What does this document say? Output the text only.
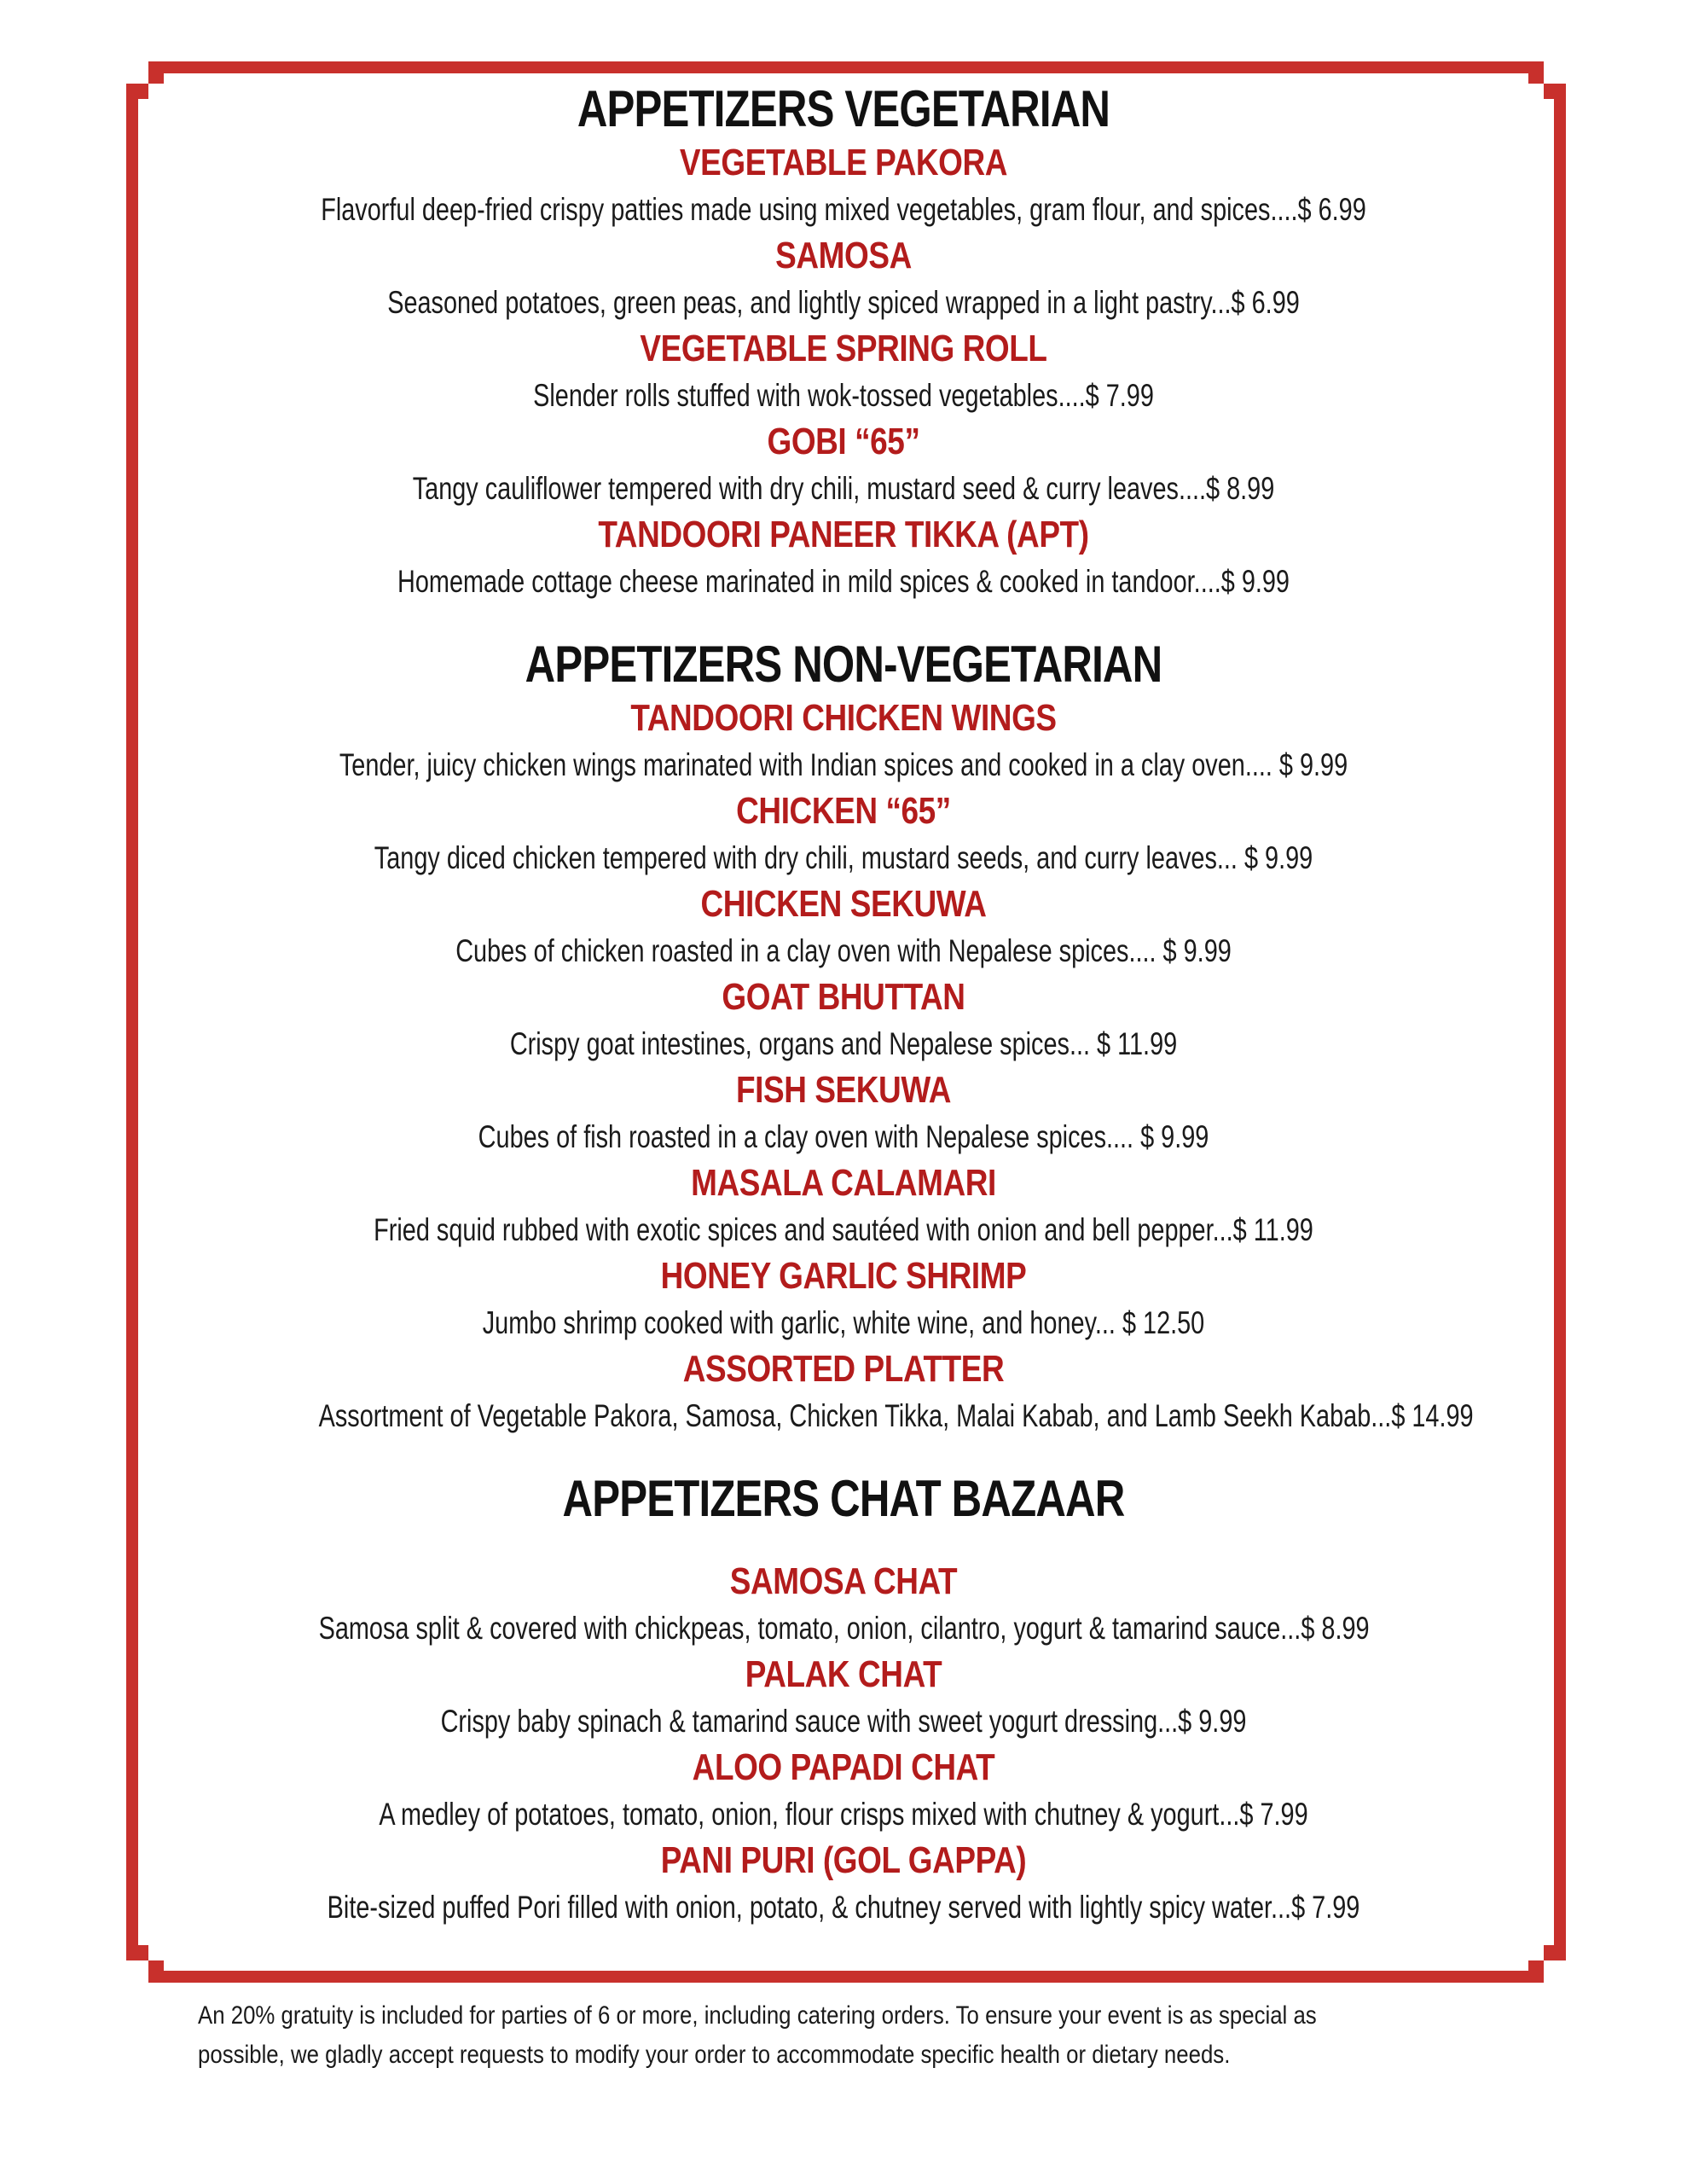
APPETIZERS VEGETARIAN
VEGETABLE PAKORA

Flavorful deep-fried crispy patties made using mixed vegetables, gram flour, and spices....$ 6.99

SAMOSA

Seasoned potatoes, green peas, and lightly spiced wrapped in a light pastry...$ 6.99

VEGETABLE SPRING ROLL

Slender rolls stuffed with wok-tossed vegetables....$ 7.99

GOBI “65”

Tangy cauliflower tempered with dry chili, mustard seed & curry leaves....$ 8.99

TANDOORI PANEER TIKKA (APT)

Homemade cottage cheese marinated in mild spices & cooked in tandoor....$ 9.99

APPETIZERS NON-VEGETARIAN
TANDOORI CHICKEN WINGS

Tender, juicy chicken wings marinated with Indian spices and cooked in a clay oven.... $ 9.99

CHICKEN “65”

Tangy diced chicken tempered with dry chili, mustard seeds, and curry leaves... $ 9.99

CHICKEN SEKUWA

Cubes of chicken roasted in a clay oven with Nepalese spices.... $ 9.99

GOAT BHUTTAN

Crispy goat intestines, organs and Nepalese spices... $ 11.99

FISH SEKUWA

Cubes of fish roasted in a clay oven with Nepalese spices.... $ 9.99

MASALA CALAMARI

Fried squid rubbed with exotic spices and sautéed with onion and bell pepper...$ 11.99

HONEY GARLIC SHRIMP

Jumbo shrimp cooked with garlic, white wine, and honey... $ 12.50

ASSORTED PLATTER

Assortment of Vegetable Pakora, Samosa, Chicken Tikka, Malai Kabab, and Lamb Seekh Kabab...$ 14.99

APPETIZERS CHAT BAZAAR
SAMOSA CHAT

Samosa split & covered with chickpeas, tomato, onion, cilantro, yogurt & tamarind sauce...$ 8.99

PALAK CHAT

Crispy baby spinach & tamarind sauce with sweet yogurt dressing...$ 9.99

ALOO PAPADI CHAT

A medley of potatoes, tomato, onion, flour crisps mixed with chutney & yogurt...$ 7.99

PANI PURI (GOL GAPPA)

Bite-sized puffed Pori filled with onion, potato, & chutney served with lightly spicy water...$ 7.99

An 20% gratuity is included for parties of 6 or more, including catering orders. To ensure your event is as special as
possible, we gladly accept requests to modify your order to accommodate specific health or dietary needs.
